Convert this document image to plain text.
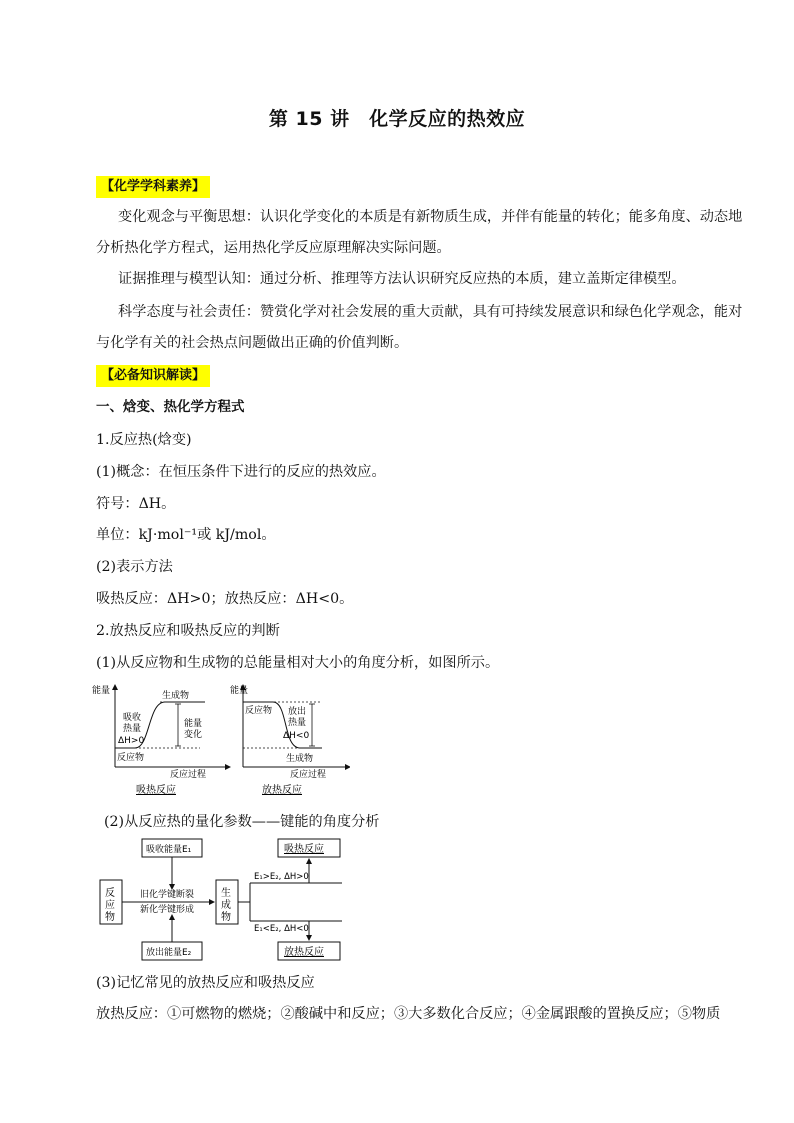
第 15 讲　化学反应的热效应
【化学学科素养】
变化观念与平衡思想：认识化学变化的本质是有新物质生成，并伴有能量的转化；能多角度、动态地
分析热化学方程式，运用热化学反应原理解决实际问题。
证据推理与模型认知：通过分析、推理等方法认识研究反应热的本质，建立盖斯定律模型。
科学态度与社会责任：赞赏化学对社会发展的重大贡献，具有可持续发展意识和绿色化学观念，能对
与化学有关的社会热点问题做出正确的价值判断。
【必备知识解读】
一、焓变、热化学方程式
1.反应热(焓变)
(1)概念：在恒压条件下进行的反应的热效应。
符号：ΔH。
单位：kJ·mol⁻¹或 kJ/mol。
(2)表示方法
吸热反应：ΔH>0；放热反应：ΔH<0。
2.放热反应和吸热反应的判断
(1)从反应物和生成物的总能量相对大小的角度分析，如图所示。
能量	生成物
吸收
热量
ΔH>0
能量
变化
反应物
反应过程
吸热反应
能量
反应物 放出
热量
ΔH<0
生成物
反应过程
放热反应
(2)从反应热的量化参数——键能的角度分析
反
应
物
生
成
物
吸收能量E₁
放出能量E₂
旧化学键断裂
新化学键形成
吸热反应
放热反应
E₁>E₂, ΔH>0
E₁<E₂, ΔH<0
(3)记忆常见的放热反应和吸热反应
放热反应：①可燃物的燃烧；②酸碱中和反应；③大多数化合反应；④金属跟酸的置换反应；⑤物质
